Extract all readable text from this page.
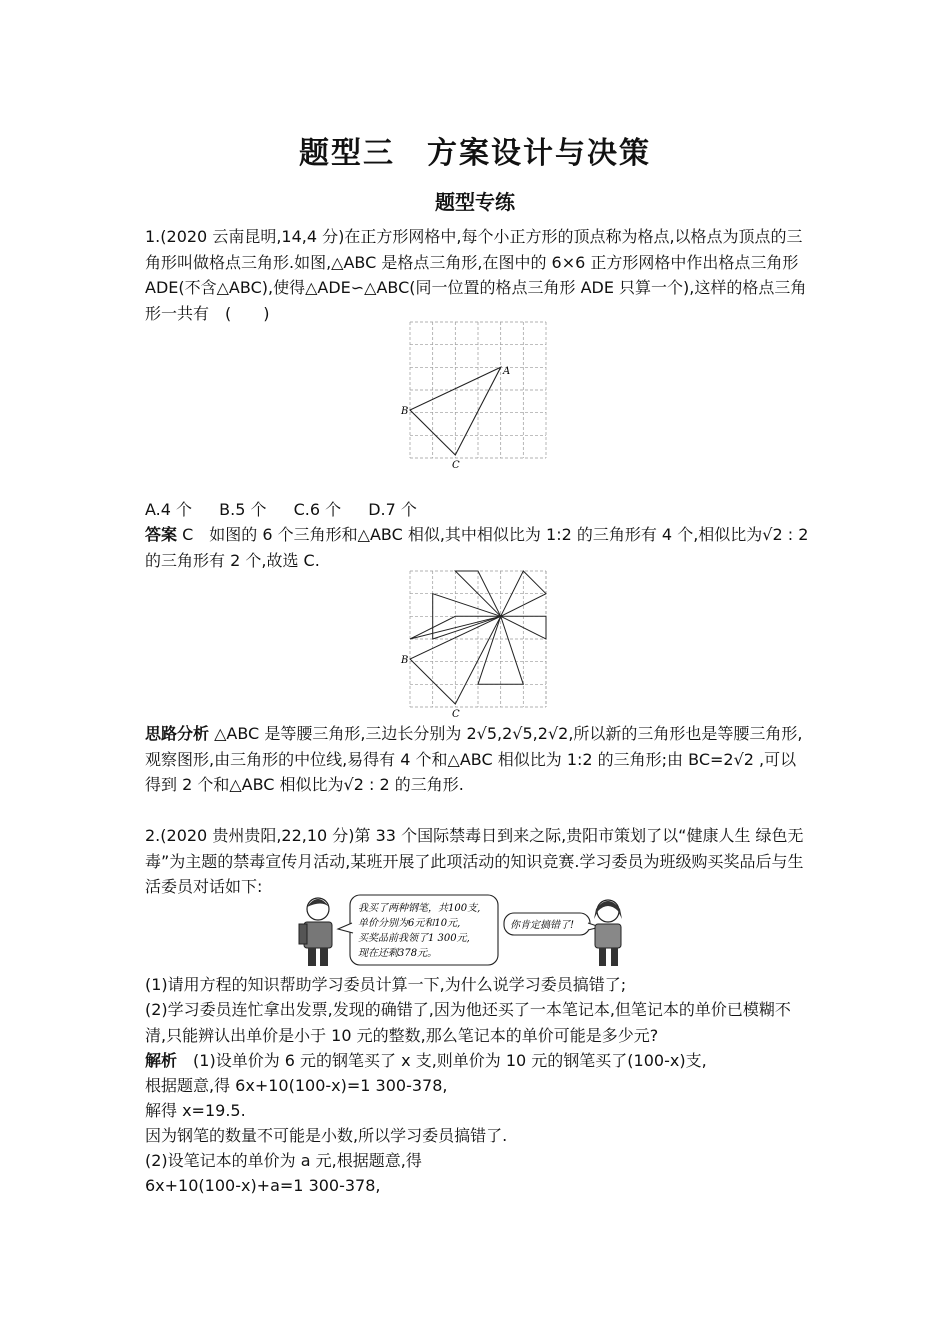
题型三　方案设计与决策
题型专练

1.(2020 云南昆明,14,4 分)在正方形网格中,每个小正方形的顶点称为格点,以格点为顶点的三角形叫做格点三角形.如图,△ABC 是格点三角形,在图中的 6×6 正方形网格中作出格点三角形 ADE(不含△ABC),使得△ADE∽△ABC(同一位置的格点三角形 ADE 只算一个),这样的格点三角形一共有　(　　)

A
B
C
A.4 个 B.5 个 C.6 个 D.7 个

答案 C　如图的 6 个三角形和△ABC 相似,其中相似比为 1:2 的三角形有 4 个,相似比为√2 : 2 的三角形有 2 个,故选 C.

B
C

思路分析 △ABC 是等腰三角形,三边长分别为 2√5,2√5,2√2,所以新的三角形也是等腰三角形,观察图形,由三角形的中位线,易得有 4 个和△ABC 相似比为 1:2 的三角形;由 BC=2√2 ,可以得到 2 个和△ABC 相似比为√2 : 2 的三角形.

2.(2020 贵州贵阳,22,10 分)第 33 个国际禁毒日到来之际,贵阳市策划了以“健康人生 绿色无毒”为主题的禁毒宣传月活动,某班开展了此项活动的知识竞赛.学习委员为班级购买奖品后与生活委员对话如下:

我买了两种钢笔，共100支,
单价分别为6元和10元,
买奖品前我领了1 300元,
现在还剩378元。
你肯定搞错了!

(1)请用方程的知识帮助学习委员计算一下,为什么说学习委员搞错了;

(2)学习委员连忙拿出发票,发现的确错了,因为他还买了一本笔记本,但笔记本的单价已模糊不清,只能辨认出单价是小于 10 元的整数,那么笔记本的单价可能是多少元?

解析　 (1)设单价为 6 元的钢笔买了 x 支,则单价为 10 元的钢笔买了(100-x)支,
根据题意,得 6x+10(100-x)=1 300-378,
解得 x=19.5.
因为钢笔的数量不可能是小数,所以学习委员搞错了.
(2)设笔记本的单价为 a 元,根据题意,得
6x+10(100-x)+a=1 300-378,
